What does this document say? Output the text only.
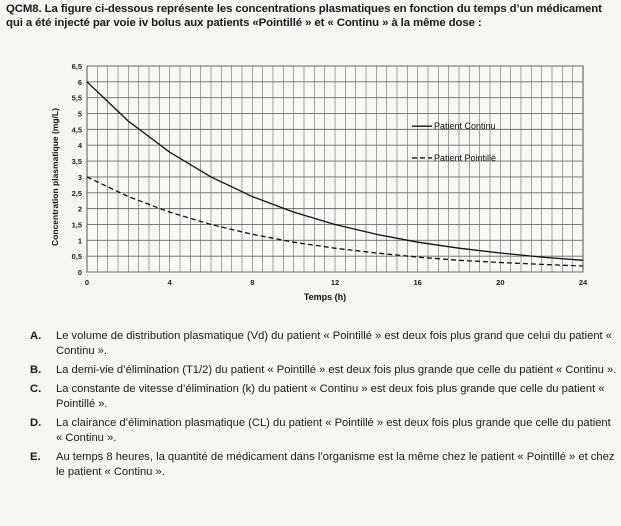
QCM8. La figure ci-dessous représente les concentrations plasmatiques en fonction du temps d’un médicament qui a été injecté par voie iv bolus aux patients «Pointillé » et « Continu » à la même dose :
0
0,5
1
1,5
2
2,5
3
3,5
4
4,5
5
5,5
6
6,5
0	4	8	12	16	20	24
Temps (h)
Concentration plasmatique (mg/L)	Patient Continu
Patient Pointillé
A.	Le volume de distribution plasmatique (Vd) du patient « Pointillé » est deux fois plus grand que celui du patient « Continu ».
B.	La demi-vie d’élimination (T1/2) du patient « Pointillé » est deux fois plus grande que celle du patient « Continu ».
C.	La constante de vitesse d’élimination (k) du patient « Continu » est deux fois plus grande que celle du patient « Pointillé ».
D.	La clairance d’élimination plasmatique (CL) du patient « Pointillé » est deux fois plus grande que celle du patient « Continu ».
E.	Au temps 8 heures, la quantité de médicament dans l’organisme est la même chez le patient « Pointillé » et chez le patient « Continu ».
